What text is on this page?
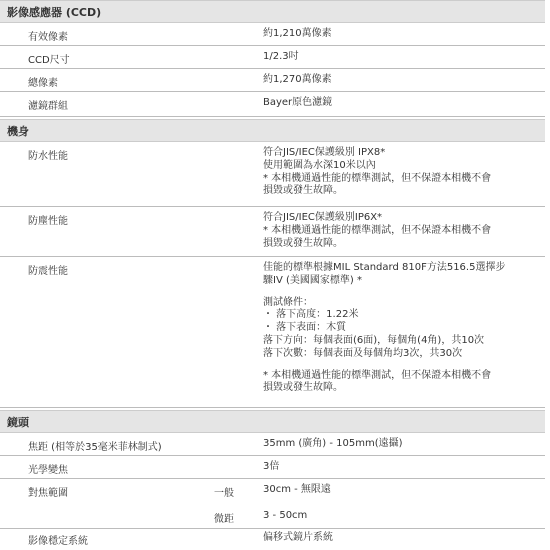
影像感應器 (CCD)
有效像素	約1,210萬像素
CCD尺寸	1/2.3吋
總像素	約1,270萬像素
濾鏡群組	Bayer原色濾鏡
機身
防水性能	符合JIS/IEC保護級別 IPX8*
使用範圍為水深10米以內
* 本相機通過性能的標準測試，但不保證本相機不會
損毀或發生故障。
防塵性能	符合JIS/IEC保護級別IP6X*
* 本相機通過性能的標準測試，但不保證本相機不會
損毀或發生故障。
防震性能	佳能的標準根據MIL Standard 810F方法516.5選擇步
驟IV (美國國家標準) *
測試條件：
・ 落下高度：1.22米
・ 落下表面：木質
落下方向：每個表面(6面)，每個角(4角)，共10次
落下次數：每個表面及每個角均3次，共30次
* 本相機通過性能的標準測試，但不保證本相機不會
損毀或發生故障。
鏡頭
焦距 (相等於35毫米菲林制式)	35mm (廣角) - 105mm(遠攝)
光學變焦	3倍
對焦範圍	一般	30cm - 無限遠
微距	3 - 50cm
影像穩定系統	偏移式鏡片系統
